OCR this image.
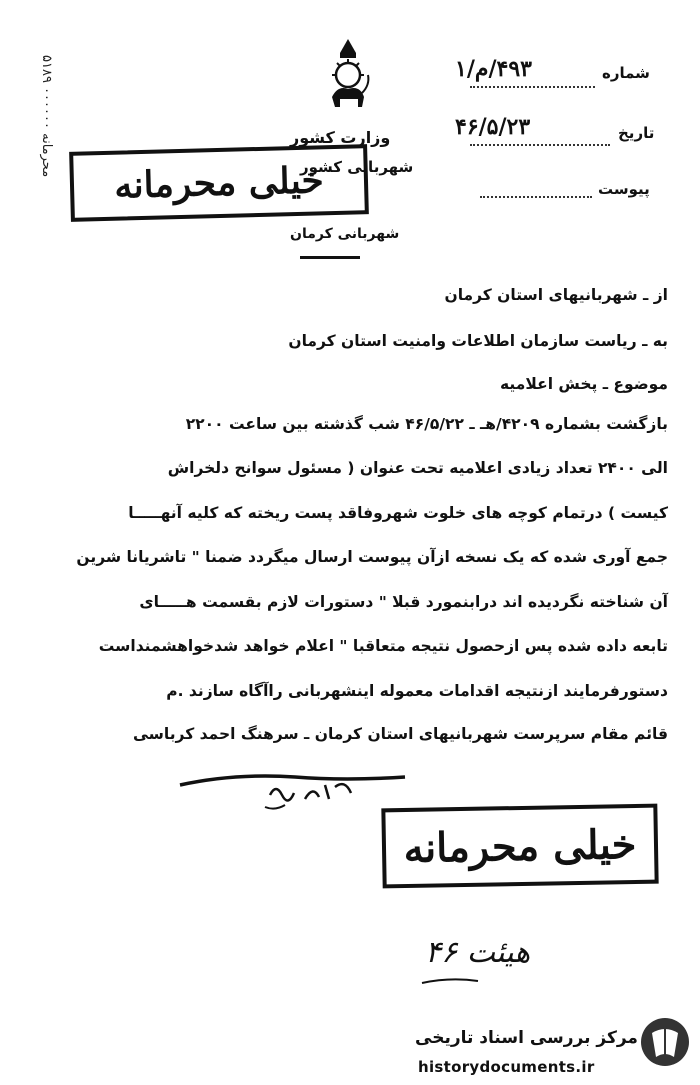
محرمانه ۰۰۰۰۰۰ ۵۱۸۹	وزارت کشور
شهربانی کشور
شهربانی کرمان
خیلی محرمانه
شماره
۴۹۳/م/۱
تاریخ
۴۶/۵/۲۳
پیوست
از ـ شهربانیهای استان کرمان
به ـ ریاست سازمان اطلاعات وامنیت استان کرمان
موضوع ـ پخش اعلامیه
بازگشت بشماره ۴۲۰۹/هـ ـ ۴۶/۵/۲۲ شب گذشته بین ساعت ۲۲۰۰
الی ۲۴۰۰ تعداد زیادی اعلامیه تحت عنوان ( مسئول سوانح دلخراش
کیست ) درتمام کوچه های خلوت شهروفاقد پست ریخته که کلیه آنهـــــا
جمع آوری شده که یک نسخه ازآن پیوست ارسال میگردد ضمنا " تاشریانا شرین
آن شناخته نگردیده اند درابنمورد قبلا " دستورات لازم بقسمت هـــــای
تابعه داده شده پس ازحصول نتیجه متعاقبا " اعلام خواهد شدخواهشمنداست
دستورفرمایند ازنتیجه اقدامات معموله اینشهربانی راآگاه سازند .م
قائم مقام سرپرست شهربانیهای استان کرمان ـ سرهنگ احمد کرباسی
خیلی محرمانه
هیئت ۴۶
مرکز بررسی اسناد تاریخی
historydocuments.ir
